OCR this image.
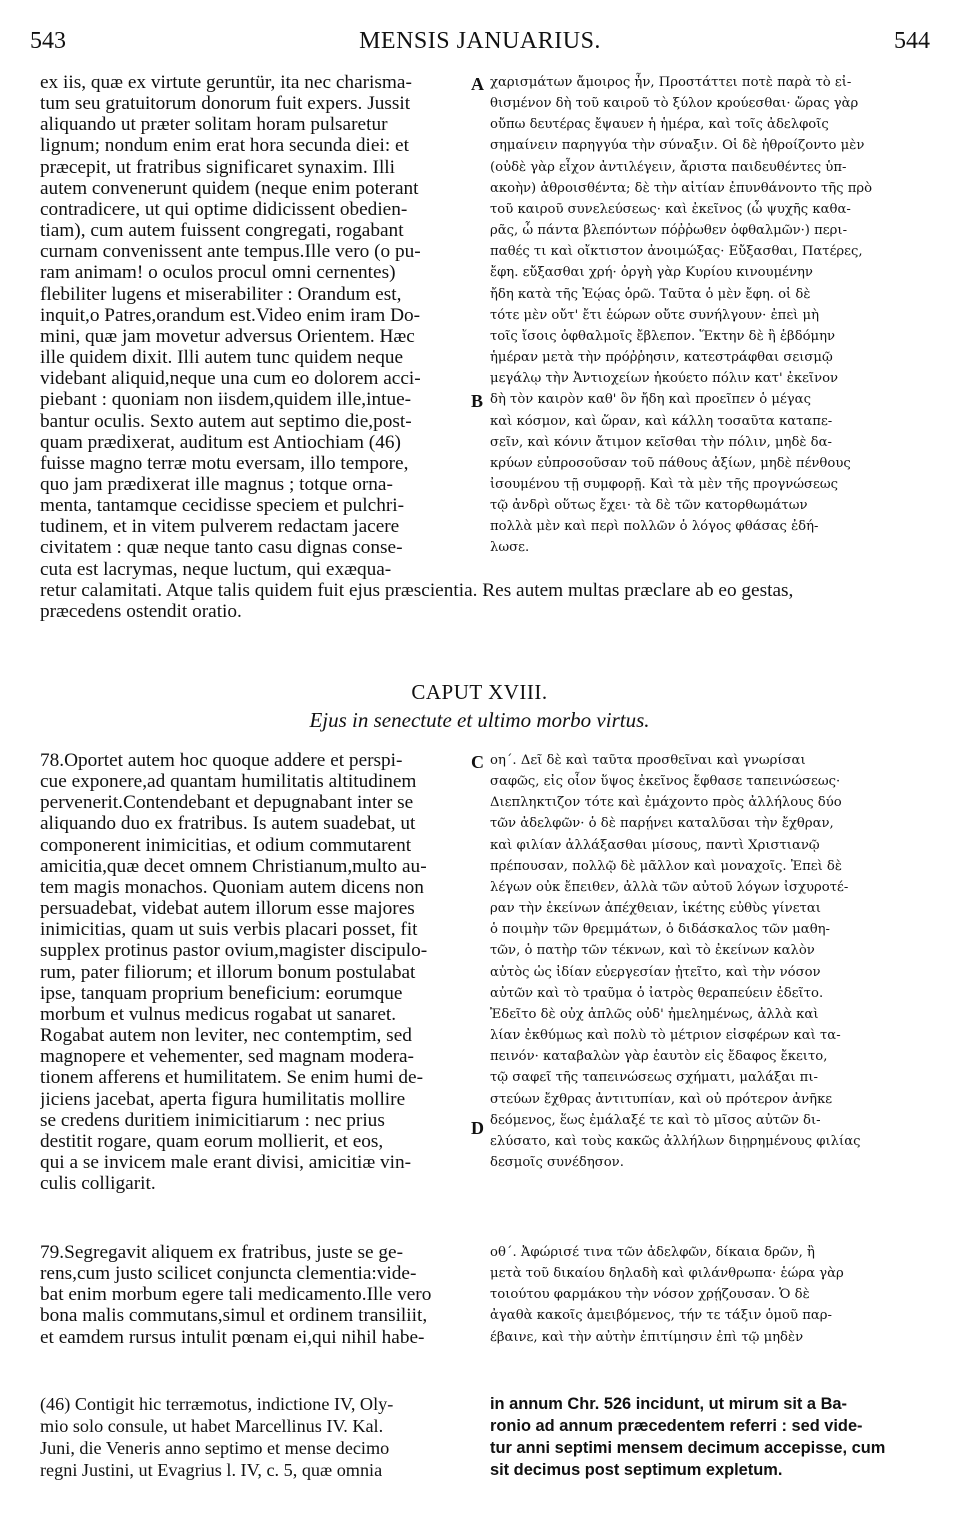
543	MENSIS JANUARIUS.	544
A
B
C
D
ex iis, quæ ex virtute geruntür, ita nec charisma-
tum seu gratuitorum donorum fuit expers. Jussit
aliquando ut præter solitam horam pulsaretur
lignum; nondum enim erat hora secunda diei: et
præcepit, ut fratribus significaret synaxim. Illi
autem convenerunt quidem (neque enim poterant
contradicere, ut qui optime didicissent obedien-
tiam), cum autem fuissent congregati, rogabant
curnam convenissent ante tempus.Ille vero (o pu-
ram animam! o oculos procul omni cernentes)
flebiliter lugens et miserabiliter : Orandum est,
inquit,o Patres,orandum est.Video enim iram Do-
mini, quæ jam movetur adversus Orientem. Hæc
ille quidem dixit. Illi autem tunc quidem neque
videbant aliquid,neque una cum eo dolorem acci-
piebant : quoniam non iisdem,quidem ille,intue-
bantur oculis. Sexto autem aut septimo die,post-
quam prædixerat, auditum est Antiochiam (46)
fuisse magno terræ motu eversam, illo tempore,
quo jam prædixerat ille magnus ; totque orna-
menta, tantamque cecidisse speciem et pulchri-
tudinem, et in vitem pulverem redactam jacere
civitatem : quæ neque tanto casu dignas conse-
χαρισμάτων ἄμοιρος ἦν, Προστάττει ποτὲ παρὰ τὸ εἰ-
θισμένον δὴ τοῦ καιροῦ τὸ ξύλον κρούεσθαι· ὥρας γὰρ
οὔπω δευτέρας ἔψαυεν ἡ ἡμέρα, καὶ τοῖς ἀδελφοῖς
σημαίνειν παρηγγύα τὴν σύναξιν. Οἱ δὲ ἠθροίζοντο μὲν
(οὐδὲ γὰρ εἶχον ἀντιλέγειν, ἄριστα παιδευθέντες ὑπ-
ακοὴν) ἀθροισθέντα; δὲ τὴν αἰτίαν ἐπυνθάνοντο τῆς πρὸ
τοῦ καιροῦ συνελεύσεως· καὶ ἐκεῖνος (ὦ ψυχῆς καθα-
ρᾶς, ὦ πάντα βλεπόντων πόῤῥωθεν ὀφθαλμῶν·) περι-
παθές τι καὶ οἴκτιστον ἀνοιμώξας· Εὔξασθαι, Πατέρες,
ἔφη. εὔξασθαι χρή· ὀργὴ γὰρ Κυρίου κινουμένην
ἤδη κατὰ τῆς Ἑῴας ὁρῶ. Ταῦτα ὁ μὲν ἔφη. οἱ δὲ
τότε μὲν οὔτ' ἔτι ἑώρων οὔτε συνήλγουν· ἐπεὶ μὴ
τοῖς ἴσοις ὀφθαλμοῖς ἔβλεπον. Ἕκτην δὲ ἢ ἑβδόμην
ἡμέραν μετὰ τὴν πρόῤῥησιν, κατεστράφθαι σεισμῷ
μεγάλῳ τὴν Ἀντιοχείων ἠκούετο πόλιν κατ' ἐκεῖνον
δὴ τὸν καιρὸν καθ' ὃν ἤδη καὶ προεῖπεν ὁ μέγας
καὶ κόσμον, καὶ ὥραν, καὶ κάλλη τοσαῦτα καταπε-
σεῖν, καὶ κόνιν ἄτιμον κεῖσθαι τὴν πόλιν, μηδὲ δα-
κρύων εὐπροσοῦσαν τοῦ πάθους ἀξίων, μηδὲ πένθους
ἰσουμένου τῇ συμφορῇ. Καὶ τὰ μὲν τῆς προγνώσεως
τῷ ἀνδρὶ οὕτως ἔχει· τὰ δὲ τῶν κατορθωμάτων
πολλὰ μὲν καὶ περὶ πολλῶν ὁ λόγος φθάσας ἐδή-
λωσε.
cuta est lacrymas, neque luctum, qui exæqua-
retur calamitati. Atque talis quidem fuit ejus præscientia. Res autem multas præclare ab eo gestas,
præcedens ostendit oratio.
CAPUT XVIII.
Ejus in senectute et ultimo morbo virtus.
78.Oportet autem hoc quoque addere et perspi-
cue exponere,ad quantam humilitatis altitudinem
pervenerit.Contendebant et depugnabant inter se
aliquando duo ex fratribus. Is autem suadebat, ut
componerent inimicitias, et odium commutarent
amicitia,quæ decet omnem Christianum,multo au-
tem magis monachos. Quoniam autem dicens non
persuadebat, videbat autem illorum esse majores
inimicitias, quam ut suis verbis placari posset, fit
supplex protinus pastor ovium,magister discipulo-
rum, pater filiorum; et illorum bonum postulabat
ipse, tanquam proprium beneficium: eorumque
morbum et vulnus medicus rogabat ut sanaret.
Rogabat autem non leviter, nec contemptim, sed
magnopere et vehementer, sed magnam modera-
tionem afferens et humilitatem. Se enim humi de-
jiciens jacebat, aperta figura humilitatis mollire
se credens duritiem inimicitiarum : nec prius
destitit rogare, quam eorum mollierit, et eos,
qui a se invicem male erant divisi, amicitiæ vin-
culis colligarit.
οη΄. Δεῖ δὲ καὶ ταῦτα προσθεῖναι καὶ γνωρίσαι
σαφῶς, εἰς οἷον ὕψος ἐκεῖνος ἔφθασε ταπεινώσεως·
Διεπληκτιζον τότε καὶ ἐμάχοντο πρὸς ἀλλήλους δύο
τῶν ἀδελφῶν· ὁ δὲ παρῄνει καταλῦσαι τὴν ἔχθραν,
καὶ φιλίαν ἀλλάξασθαι μίσους, παντὶ Χριστιανῷ
πρέπουσαν, πολλῷ δὲ μᾶλλον καὶ μοναχοῖς. Ἐπεὶ δὲ
λέγων οὐκ ἔπειθεν, ἀλλὰ τῶν αὐτοῦ λόγων ἰσχυροτέ-
ραν τὴν ἐκείνων ἀπέχθειαν, ἱκέτης εὐθὺς γίνεται
ὁ ποιμὴν τῶν θρεμμάτων, ὁ διδάσκαλος τῶν μαθη-
τῶν, ὁ πατὴρ τῶν τέκνων, καὶ τὸ ἐκείνων καλὸν
αὐτὸς ὡς ἰδίαν εὐεργεσίαν ᾐτεῖτο, καὶ τὴν νόσον
αὐτῶν καὶ τὸ τραῦμα ὁ ἰατρὸς θεραπεύειν ἐδεῖτο.
Ἐδεῖτο δὲ οὐχ ἁπλῶς οὐδ' ἠμελημένως, ἀλλὰ καὶ
λίαν ἐκθύμως καὶ πολὺ τὸ μέτριον εἰσφέρων καὶ τα-
πεινόν· καταβαλὼν γὰρ ἑαυτὸν εἰς ἔδαφος ἔκειτο,
τῷ σαφεῖ τῆς ταπεινώσεως σχήματι, μαλάξαι πι-
στεύων ἔχθρας ἀντιτυπίαν, καὶ οὐ πρότερον ἀνῆκε
δεόμενος, ἕως ἐμάλαξέ τε καὶ τὸ μῖσος αὐτῶν δι-
ελύσατο, καὶ τοὺς κακῶς ἀλλήλων διῃρημένους φιλίας
δεσμοῖς συνέδησον.
79.Segregavit aliquem ex fratribus, juste se ge-
rens,cum justo scilicet conjuncta clementia:vide-
bat enim morbum egere tali medicamento.Ille vero
bona malis commutans,simul et ordinem transiliit,
et eamdem rursus intulit pœnam ei,qui nihil habe-
οθ΄. Ἀφώρισέ τινα τῶν ἀδελφῶν, δίκαια δρῶν, ἢ
μετὰ τοῦ δικαίου δηλαδὴ καὶ φιλάνθρωπα· ἑώρα γὰρ
τοιούτου φαρμάκου τὴν νόσον χρῄζουσαν. Ὁ δὲ
ἀγαθὰ κακοῖς ἀμειβόμενος, τήν τε τάξιν ὁμοῦ παρ-
έβαινε, καὶ τὴν αὐτὴν ἐπιτίμησιν ἐπὶ τῷ μηδὲν
(46) Contigit hic terræmotus, indictione IV, Oly-
mio solo consule, ut habet Marcellinus IV. Kal.
Juni, die Veneris anno septimo et mense decimo
regni Justini, ut Evagrius l. IV, c. 5, quæ omnia
in annum Chr. 526 incidunt, ut mirum sit a Ba-
ronio ad annum præcedentem referri : sed vide-
tur anni septimi mensem decimum accepisse, cum
sit decimus post septimum expletum.
